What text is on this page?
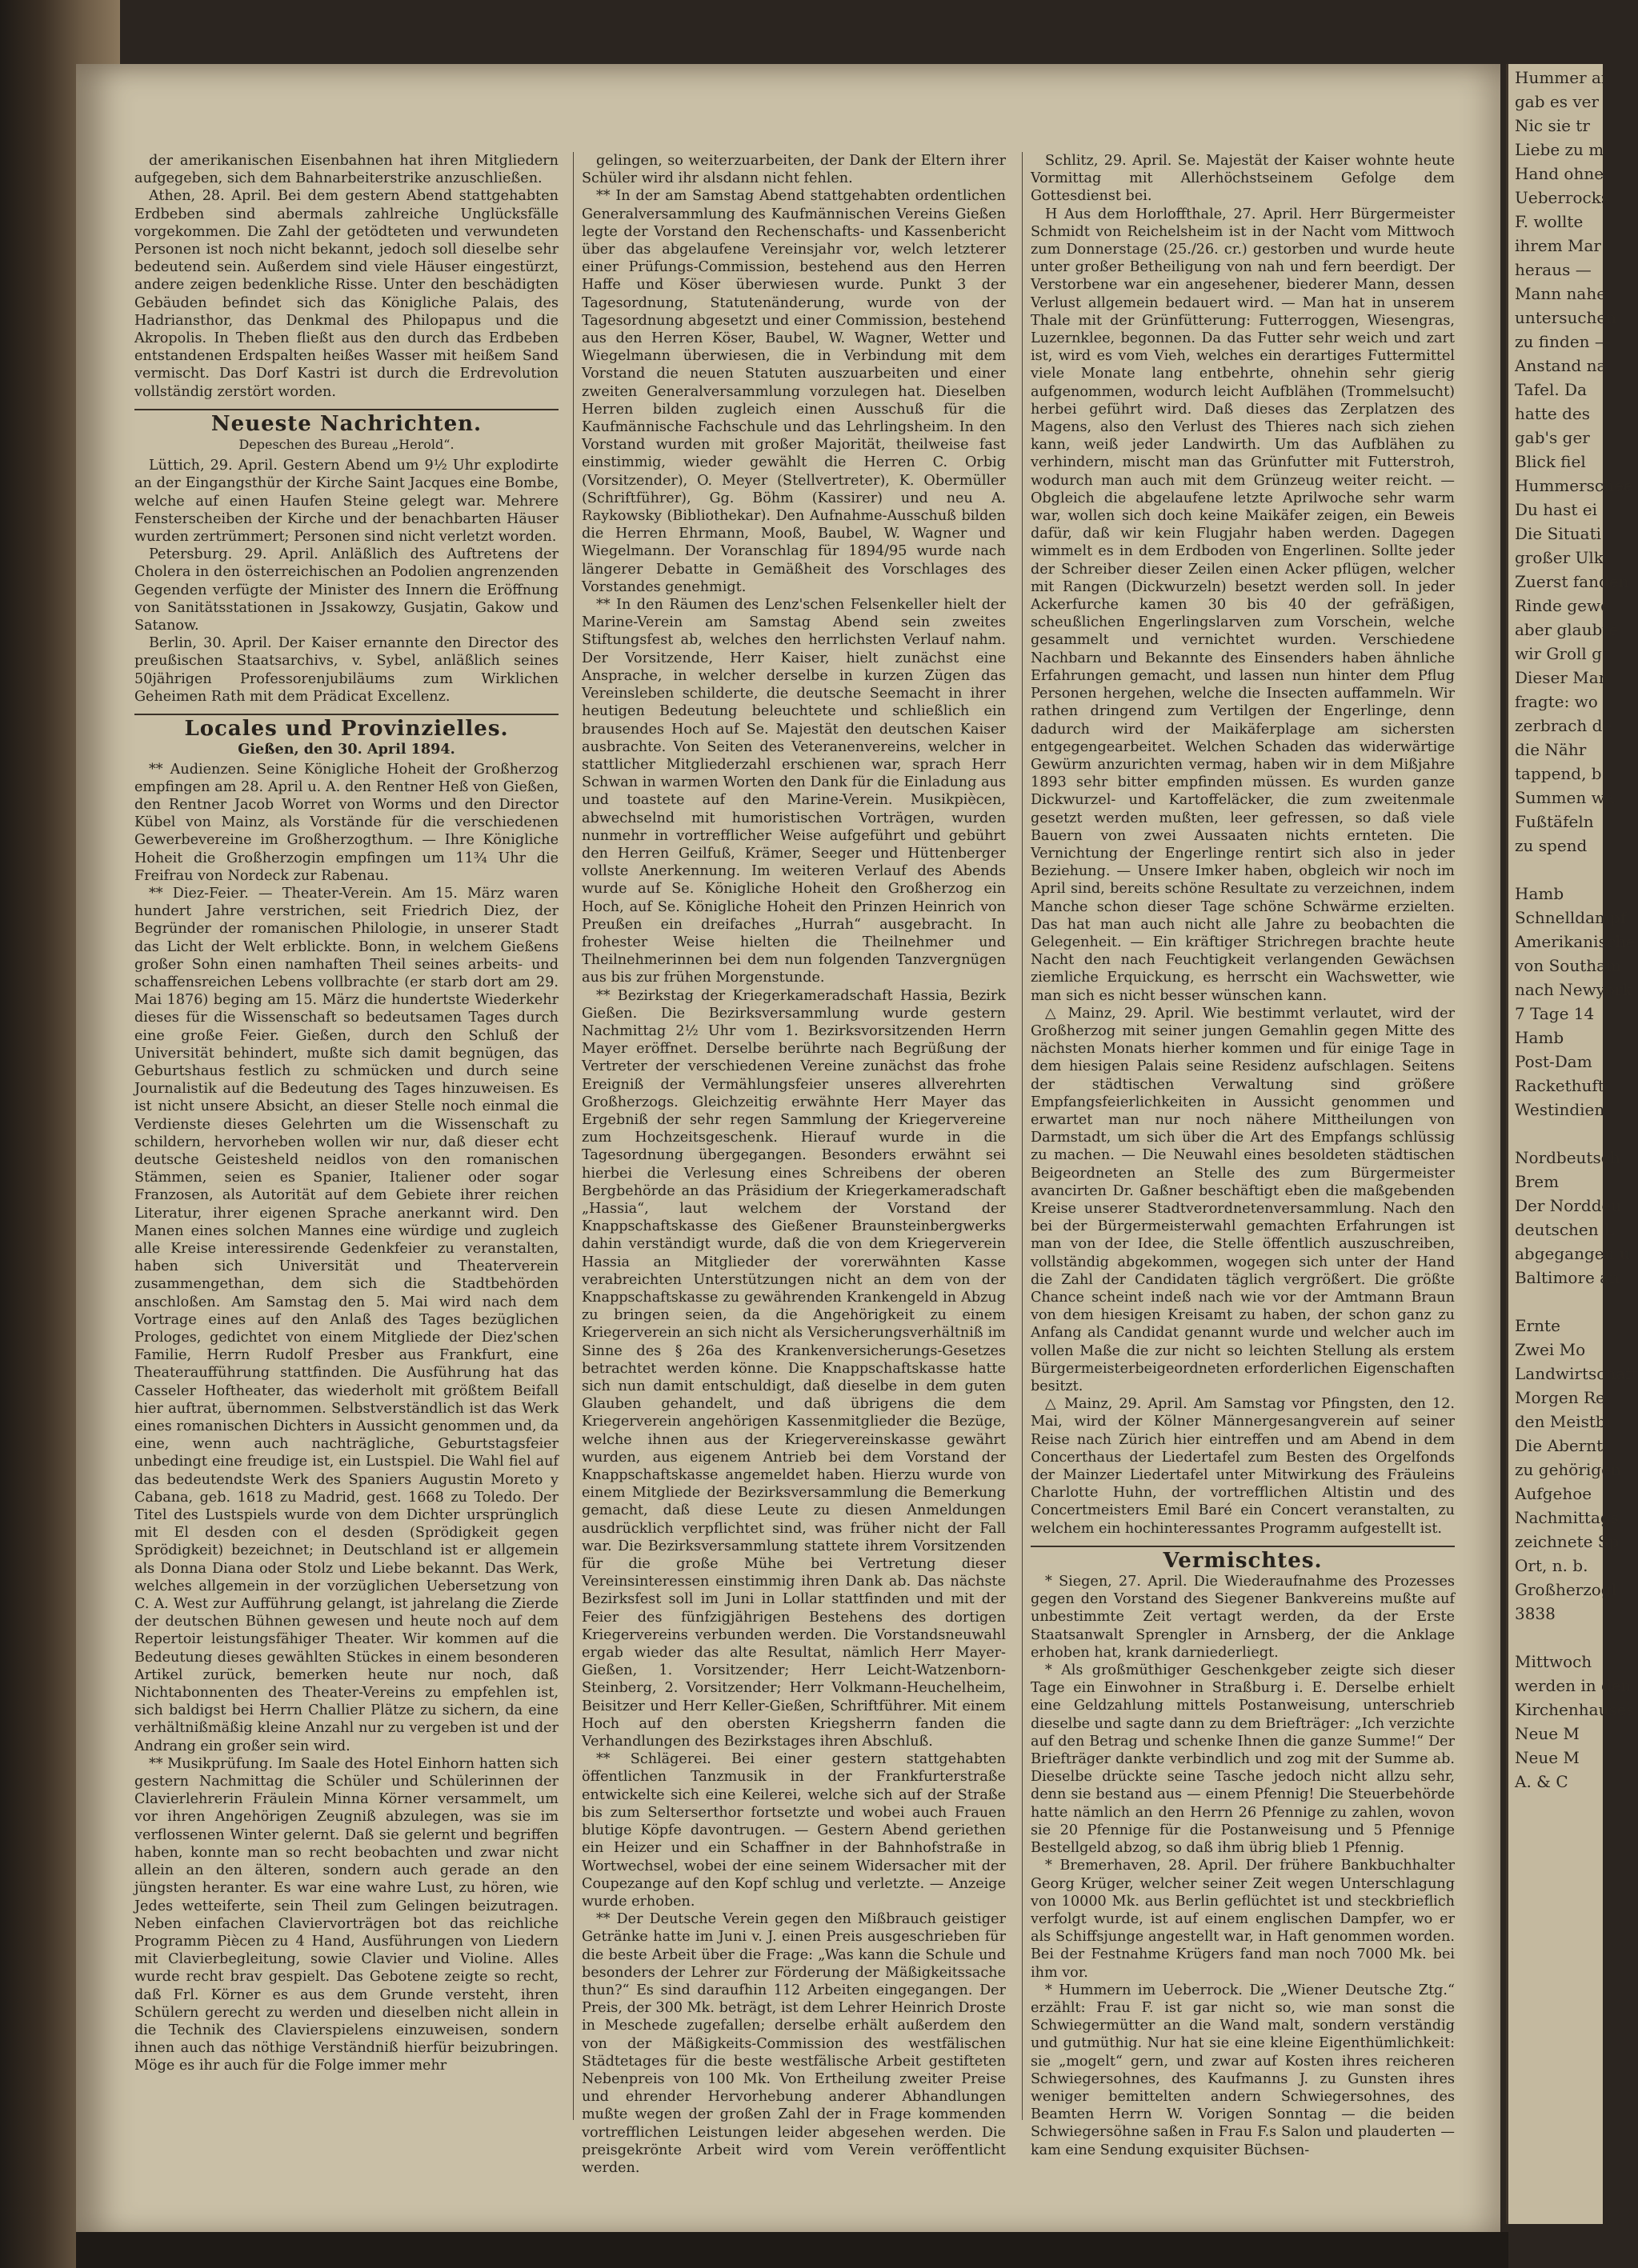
der amerikanischen Eisenbahnen hat ihren Mitgliedern aufgegeben, sich dem Bahnarbeiterstrike anzuschließen.

Athen, 28. April. Bei dem gestern Abend stattgehabten Erdbeben sind abermals zahlreiche Unglücksfälle vorgekommen. Die Zahl der getödteten und verwundeten Personen ist noch nicht bekannt, jedoch soll dieselbe sehr bedeutend sein. Außerdem sind viele Häuser eingestürzt, andere zeigen bedenkliche Risse. Unter den beschädigten Gebäuden befindet sich das Königliche Palais, des Hadriansthor, das Denkmal des Philopapus und die Akropolis. In Theben fließt aus den durch das Erdbeben entstandenen Erdspalten heißes Wasser mit heißem Sand vermischt. Das Dorf Kastri ist durch die Erdrevolution vollständig zerstört worden.

Neueste Nachrichten.
Depeschen des Bureau „Herold“.

Lüttich, 29. April. Gestern Abend um 9½ Uhr explodirte an der Eingangsthür der Kirche Saint Jacques eine Bombe, welche auf einen Haufen Steine gelegt war. Mehrere Fensterscheiben der Kirche und der benachbarten Häuser wurden zertrümmert; Personen sind nicht verletzt worden.

Petersburg. 29. April. Anläßlich des Auftretens der Cholera in den österreichischen an Podolien angrenzenden Gegenden verfügte der Minister des Innern die Eröffnung von Sanitätsstationen in Jssakowzy, Gusjatin, Gakow und Satanow.

Berlin, 30. April. Der Kaiser ernannte den Director des preußischen Staatsarchivs, v. Sybel, anläßlich seines 50jährigen Professorenjubiläums zum Wirklichen Geheimen Rath mit dem Prädicat Excellenz.

Locales und Provinzielles.
Gießen, den 30. April 1894.

** Audienzen. Seine Königliche Hoheit der Großherzog empfingen am 28. April u. A. den Rentner Heß von Gießen, den Rentner Jacob Worret von Worms und den Director Kübel von Mainz, als Vorstände für die verschiedenen Gewerbevereine im Großherzogthum. — Ihre Königliche Hoheit die Großherzogin empfingen um 11¾ Uhr die Freifrau von Nordeck zur Rabenau.

** Diez-Feier. — Theater-Verein. Am 15. März waren hundert Jahre verstrichen, seit Friedrich Diez, der Begründer der romanischen Philologie, in unserer Stadt das Licht der Welt erblickte. Bonn, in welchem Gießens großer Sohn einen namhaften Theil seines arbeits- und schaffensreichen Lebens vollbrachte (er starb dort am 29. Mai 1876) beging am 15. März die hundertste Wiederkehr dieses für die Wissenschaft so bedeutsamen Tages durch eine große Feier. Gießen, durch den Schluß der Universität behindert, mußte sich damit begnügen, das Geburtshaus festlich zu schmücken und durch seine Journalistik auf die Bedeutung des Tages hinzuweisen. Es ist nicht unsere Absicht, an dieser Stelle noch einmal die Verdienste dieses Gelehrten um die Wissenschaft zu schildern, hervorheben wollen wir nur, daß dieser echt deutsche Geistesheld neidlos von den romanischen Stämmen, seien es Spanier, Italiener oder sogar Franzosen, als Autorität auf dem Gebiete ihrer reichen Literatur, ihrer eigenen Sprache anerkannt wird. Den Manen eines solchen Mannes eine würdige und zugleich alle Kreise interessirende Gedenkfeier zu veranstalten, haben sich Universität und Theaterverein zusammengethan, dem sich die Stadtbehörden anschloßen. Am Samstag den 5. Mai wird nach dem Vortrage eines auf den Anlaß des Tages bezüglichen Prologes, gedichtet von einem Mitgliede der Diez'schen Familie, Herrn Rudolf Presber aus Frankfurt, eine Theateraufführung stattfinden. Die Ausführung hat das Casseler Hoftheater, das wiederholt mit größtem Beifall hier auftrat, übernommen. Selbstverständlich ist das Werk eines romanischen Dichters in Aussicht genommen und, da eine, wenn auch nachträgliche, Geburtstagsfeier unbedingt eine freudige ist, ein Lustspiel. Die Wahl fiel auf das bedeutendste Werk des Spaniers Augustin Moreto y Cabana, geb. 1618 zu Madrid, gest. 1668 zu Toledo. Der Titel des Lustspiels wurde von dem Dichter ursprünglich mit El desden con el desden (Sprödigkeit gegen Sprödigkeit) bezeichnet; in Deutschland ist er allgemein als Donna Diana oder Stolz und Liebe bekannt. Das Werk, welches allgemein in der vorzüglichen Uebersetzung von C. A. West zur Aufführung gelangt, ist jahrelang die Zierde der deutschen Bühnen gewesen und heute noch auf dem Repertoir leistungsfähiger Theater. Wir kommen auf die Bedeutung dieses gewählten Stückes in einem besonderen Artikel zurück, bemerken heute nur noch, daß Nichtabonnenten des Theater-Vereins zu empfehlen ist, sich baldigst bei Herrn Challier Plätze zu sichern, da eine verhältnißmäßig kleine Anzahl nur zu vergeben ist und der Andrang ein großer sein wird.

** Musikprüfung. Im Saale des Hotel Einhorn hatten sich gestern Nachmittag die Schüler und Schülerinnen der Clavierlehrerin Fräulein Minna Körner versammelt, um vor ihren Angehörigen Zeugniß abzulegen, was sie im verflossenen Winter gelernt. Daß sie gelernt und begriffen haben, konnte man so recht beobachten und zwar nicht allein an den älteren, sondern auch gerade an den jüngsten heranter. Es war eine wahre Lust, zu hören, wie Jedes wetteiferte, sein Theil zum Gelingen beizutragen. Neben einfachen Claviervorträgen bot das reichliche Programm Piècen zu 4 Hand, Ausführungen von Liedern mit Clavierbegleitung, sowie Clavier und Violine. Alles wurde recht brav gespielt. Das Gebotene zeigte so recht, daß Frl. Körner es aus dem Grunde versteht, ihren Schülern gerecht zu werden und dieselben nicht allein in die Technik des Clavierspielens einzuweisen, sondern ihnen auch das nöthige Verständniß hierfür beizubringen. Möge es ihr auch für die Folge immer mehr

gelingen, so weiterzuarbeiten, der Dank der Eltern ihrer Schüler wird ihr alsdann nicht fehlen.

** In der am Samstag Abend stattgehabten ordentlichen Generalversammlung des Kaufmännischen Vereins Gießen legte der Vorstand den Rechenschafts- und Kassenbericht über das abgelaufene Vereinsjahr vor, welch letzterer einer Prüfungs-Commission, bestehend aus den Herren Haffe und Köser überwiesen wurde. Punkt 3 der Tagesordnung, Statutenänderung, wurde von der Tagesordnung abgesetzt und einer Commission, bestehend aus den Herren Köser, Baubel, W. Wagner, Wetter und Wiegelmann überwiesen, die in Verbindung mit dem Vorstand die neuen Statuten auszuarbeiten und einer zweiten Generalversammlung vorzulegen hat. Dieselben Herren bilden zugleich einen Ausschuß für die Kaufmännische Fachschule und das Lehrlingsheim. In den Vorstand wurden mit großer Majorität, theilweise fast einstimmig, wieder gewählt die Herren C. Orbig (Vorsitzender), O. Meyer (Stellvertreter), K. Obermüller (Schriftführer), Gg. Böhm (Kassirer) und neu A. Raykowsky (Bibliothekar). Den Aufnahme-Ausschuß bilden die Herren Ehrmann, Mooß, Baubel, W. Wagner und Wiegelmann. Der Voranschlag für 1894/95 wurde nach längerer Debatte in Gemäßheit des Vorschlages des Vorstandes genehmigt.

** In den Räumen des Lenz'schen Felsenkeller hielt der Marine-Verein am Samstag Abend sein zweites Stiftungsfest ab, welches den herrlichsten Verlauf nahm. Der Vorsitzende, Herr Kaiser, hielt zunächst eine Ansprache, in welcher derselbe in kurzen Zügen das Vereinsleben schilderte, die deutsche Seemacht in ihrer heutigen Bedeutung beleuchtete und schließlich ein brausendes Hoch auf Se. Majestät den deutschen Kaiser ausbrachte. Von Seiten des Veteranenvereins, welcher in stattlicher Mitgliederzahl erschienen war, sprach Herr Schwan in warmen Worten den Dank für die Einladung aus und toastete auf den Marine-Verein. Musikpiècen, abwechselnd mit humoristischen Vorträgen, wurden nunmehr in vortrefflicher Weise aufgeführt und gebührt den Herren Geilfuß, Krämer, Seeger und Hüttenberger vollste Anerkennung. Im weiteren Verlauf des Abends wurde auf Se. Königliche Hoheit den Großherzog ein Hoch, auf Se. Königliche Hoheit den Prinzen Heinrich von Preußen ein dreifaches „Hurrah“ ausgebracht. In frohester Weise hielten die Theilnehmer und Theilnehmerinnen bei dem nun folgenden Tanzvergnügen aus bis zur frühen Morgenstunde.

** Bezirkstag der Kriegerkameradschaft Hassia, Bezirk Gießen. Die Bezirksversammlung wurde gestern Nachmittag 2½ Uhr vom 1. Bezirksvorsitzenden Herrn Mayer eröffnet. Derselbe berührte nach Begrüßung der Vertreter der verschiedenen Vereine zunächst das frohe Ereigniß der Vermählungsfeier unseres allverehrten Großherzogs. Gleichzeitig erwähnte Herr Mayer das Ergebniß der sehr regen Sammlung der Kriegervereine zum Hochzeitsgeschenk. Hierauf wurde in die Tagesordnung übergegangen. Besonders erwähnt sei hierbei die Verlesung eines Schreibens der oberen Bergbehörde an das Präsidium der Kriegerkameradschaft „Hassia“, laut welchem der Vorstand der Knappschaftskasse des Gießener Braunsteinbergwerks dahin verständigt wurde, daß die von dem Kriegerverein Hassia an Mitglieder der vorerwähnten Kasse verabreichten Unterstützungen nicht an dem von der Knappschaftskasse zu gewährenden Krankengeld in Abzug zu bringen seien, da die Angehörigkeit zu einem Kriegerverein an sich nicht als Versicherungsverhältniß im Sinne des § 26a des Krankenversicherungs-Gesetzes betrachtet werden könne. Die Knappschaftskasse hatte sich nun damit entschuldigt, daß dieselbe in dem guten Glauben gehandelt, und daß übrigens die dem Kriegerverein angehörigen Kassenmitglieder die Bezüge, welche ihnen aus der Kriegervereinskasse gewährt wurden, aus eigenem Antrieb bei dem Vorstand der Knappschaftskasse angemeldet haben. Hierzu wurde von einem Mitgliede der Bezirksversammlung die Bemerkung gemacht, daß diese Leute zu diesen Anmeldungen ausdrücklich verpflichtet sind, was früher nicht der Fall war. Die Bezirksversammlung stattete ihrem Vorsitzenden für die große Mühe bei Vertretung dieser Vereinsinteressen einstimmig ihren Dank ab. Das nächste Bezirksfest soll im Juni in Lollar stattfinden und mit der Feier des fünfzigjährigen Bestehens des dortigen Kriegervereins verbunden werden. Die Vorstandsneuwahl ergab wieder das alte Resultat, nämlich Herr Mayer-Gießen, 1. Vorsitzender; Herr Leicht-Watzenborn-Steinberg, 2. Vorsitzender; Herr Volkmann-Heuchelheim, Beisitzer und Herr Keller-Gießen, Schriftführer. Mit einem Hoch auf den obersten Kriegsherrn fanden die Verhandlungen des Bezirkstages ihren Abschluß.

** Schlägerei. Bei einer gestern stattgehabten öffentlichen Tanzmusik in der Frankfurterstraße entwickelte sich eine Keilerei, welche sich auf der Straße bis zum Selterserthor fortsetzte und wobei auch Frauen blutige Köpfe davontrugen. — Gestern Abend geriethen ein Heizer und ein Schaffner in der Bahnhofstraße in Wortwechsel, wobei der eine seinem Widersacher mit der Coupezange auf den Kopf schlug und verletzte. — Anzeige wurde erhoben.

** Der Deutsche Verein gegen den Mißbrauch geistiger Getränke hatte im Juni v. J. einen Preis ausgeschrieben für die beste Arbeit über die Frage: „Was kann die Schule und besonders der Lehrer zur Förderung der Mäßigkeitssache thun?“ Es sind daraufhin 112 Arbeiten eingegangen. Der Preis, der 300 Mk. beträgt, ist dem Lehrer Heinrich Droste in Meschede zugefallen; derselbe erhält außerdem den von der Mäßigkeits-Commission des westfälischen Städtetages für die beste westfälische Arbeit gestifteten Nebenpreis von 100 Mk. Von Ertheilung zweiter Preise und ehrender Hervorhebung anderer Abhandlungen mußte wegen der großen Zahl der in Frage kommenden vortrefflichen Leistungen leider abgesehen werden. Die preisgekrönte Arbeit wird vom Verein veröffentlicht werden.

Schlitz, 29. April. Se. Majestät der Kaiser wohnte heute Vormittag mit Allerhöchstseinem Gefolge dem Gottesdienst bei.

H Aus dem Horloffthale, 27. April. Herr Bürgermeister Schmidt von Reichelsheim ist in der Nacht vom Mittwoch zum Donnerstage (25./26. cr.) gestorben und wurde heute unter großer Betheiligung von nah und fern beerdigt. Der Verstorbene war ein angesehener, biederer Mann, dessen Verlust allgemein bedauert wird. — Man hat in unserem Thale mit der Grünfütterung: Futterroggen, Wiesengras, Luzernklee, begonnen. Da das Futter sehr weich und zart ist, wird es vom Vieh, welches ein derartiges Futtermittel viele Monate lang entbehrte, ohnehin sehr gierig aufgenommen, wodurch leicht Aufblähen (Trommelsucht) herbei geführt wird. Daß dieses das Zerplatzen des Magens, also den Verlust des Thieres nach sich ziehen kann, weiß jeder Landwirth. Um das Aufblähen zu verhindern, mischt man das Grünfutter mit Futterstroh, wodurch man auch mit dem Grünzeug weiter reicht. — Obgleich die abgelaufene letzte Aprilwoche sehr warm war, wollen sich doch keine Maikäfer zeigen, ein Beweis dafür, daß wir kein Flugjahr haben werden. Dagegen wimmelt es in dem Erdboden von Engerlinen. Sollte jeder der Schreiber dieser Zeilen einen Acker pflügen, welcher mit Rangen (Dickwurzeln) besetzt werden soll. In jeder Ackerfurche kamen 30 bis 40 der gefräßigen, scheußlichen Engerlingslarven zum Vorschein, welche gesammelt und vernichtet wurden. Verschiedene Nachbarn und Bekannte des Einsenders haben ähnliche Erfahrungen gemacht, und lassen nun hinter dem Pflug Personen hergehen, welche die Insecten auffammeln. Wir rathen dringend zum Vertilgen der Engerlinge, denn dadurch wird der Maikäferplage am sichersten entgegengearbeitet. Welchen Schaden das widerwärtige Gewürm anzurichten vermag, haben wir in dem Mißjahre 1893 sehr bitter empfinden müssen. Es wurden ganze Dickwurzel- und Kartoffeläcker, die zum zweitenmale gesetzt werden mußten, leer gefressen, so daß viele Bauern von zwei Aussaaten nichts ernteten. Die Vernichtung der Engerlinge rentirt sich also in jeder Beziehung. — Unsere Imker haben, obgleich wir noch im April sind, bereits schöne Resultate zu verzeichnen, indem Manche schon dieser Tage schöne Schwärme erzielten. Das hat man auch nicht alle Jahre zu beobachten die Gelegenheit. — Ein kräftiger Strichregen brachte heute Nacht den nach Feuchtigkeit verlangenden Gewächsen ziemliche Erquickung, es herrscht ein Wachswetter, wie man sich es nicht besser wünschen kann.

△ Mainz, 29. April. Wie bestimmt verlautet, wird der Großherzog mit seiner jungen Gemahlin gegen Mitte des nächsten Monats hierher kommen und für einige Tage in dem hiesigen Palais seine Residenz aufschlagen. Seitens der städtischen Verwaltung sind größere Empfangsfeierlichkeiten in Aussicht genommen und erwartet man nur noch nähere Mittheilungen von Darmstadt, um sich über die Art des Empfangs schlüssig zu machen. — Die Neuwahl eines besoldeten städtischen Beigeordneten an Stelle des zum Bürgermeister avancirten Dr. Gaßner beschäftigt eben die maßgebenden Kreise unserer Stadtverordnetenversammlung. Nach den bei der Bürgermeisterwahl gemachten Erfahrungen ist man von der Idee, die Stelle öffentlich auszuschreiben, vollständig abgekommen, wogegen sich unter der Hand die Zahl der Candidaten täglich vergrößert. Die größte Chance scheint indeß nach wie vor der Amtmann Braun von dem hiesigen Kreisamt zu haben, der schon ganz zu Anfang als Candidat genannt wurde und welcher auch im vollen Maße die zur nicht so leichten Stellung als erstem Bürgermeisterbeigeordneten erforderlichen Eigenschaften besitzt.

△ Mainz, 29. April. Am Samstag vor Pfingsten, den 12. Mai, wird der Kölner Männergesangverein auf seiner Reise nach Zürich hier eintreffen und am Abend in dem Concerthaus der Liedertafel zum Besten des Orgelfonds der Mainzer Liedertafel unter Mitwirkung des Fräuleins Charlotte Huhn, der vortrefflichen Altistin und des Concertmeisters Emil Baré ein Concert veranstalten, zu welchem ein hochinteressantes Programm aufgestellt ist.

Vermischtes.

* Siegen, 27. April. Die Wiederaufnahme des Prozesses gegen den Vorstand des Siegener Bankvereins mußte auf unbestimmte Zeit vertagt werden, da der Erste Staatsanwalt Sprengler in Arnsberg, der die Anklage erhoben hat, krank darniederliegt.

* Als großmüthiger Geschenkgeber zeigte sich dieser Tage ein Einwohner in Straßburg i. E. Derselbe erhielt eine Geldzahlung mittels Postanweisung, unterschrieb dieselbe und sagte dann zu dem Briefträger: „Ich verzichte auf den Betrag und schenke Ihnen die ganze Summe!“ Der Briefträger dankte verbindlich und zog mit der Summe ab. Dieselbe drückte seine Tasche jedoch nicht allzu sehr, denn sie bestand aus — einem Pfennig! Die Steuerbehörde hatte nämlich an den Herrn 26 Pfennige zu zahlen, wovon sie 20 Pfennige für die Postanweisung und 5 Pfennige Bestellgeld abzog, so daß ihm übrig blieb 1 Pfennig.

* Bremerhaven, 28. April. Der frühere Bankbuchhalter Georg Krüger, welcher seiner Zeit wegen Unterschlagung von 10000 Mk. aus Berlin geflüchtet ist und steckbrieflich verfolgt wurde, ist auf einem englischen Dampfer, wo er als Schiffsjunge angestellt war, in Haft genommen worden. Bei der Festnahme Krügers fand man noch 7000 Mk. bei ihm vor.

* Hummern im Ueberrock. Die „Wiener Deutsche Ztg.“ erzählt: Frau F. ist gar nicht so, wie man sonst die Schwiegermütter an die Wand malt, sondern verständig und gutmüthig. Nur hat sie eine kleine Eigenthümlichkeit: sie „mogelt“ gern, und zwar auf Kosten ihres reicheren Schwiegersohnes, des Kaufmanns J. zu Gunsten ihres weniger bemittelten andern Schwiegersohnes, des Beamten Herrn W. Vorigen Sonntag — die beiden Schwiegersöhne saßen in Frau F.s Salon und plauderten — kam eine Sendung exquisiter Büchsen-

Hummer ar
gab es ver
Nic sie tr
Liebe zu m
Hand ohne
Ueberrocks
F. wollte
ihrem Mar
heraus —
Mann nahe
untersuchen
zu finden —
Anstand na
Tafel. Da
hatte des
gab's ger
Blick fiel
Hummerschee
Du hast ei
Die Situati
großer Ulk.
Zuerst fanden
Rinde gewe
aber glaubte
wir Groll g
Dieser Mar
fragte: wo
zerbrach de
die Nähr
tappend, b
Summen wa
Fußtäfeln
zu spend

Hamb
Schnelldampf
Amerikanische
von Southam
nach Newyork
7 Tage 14
Hamb
Post-Dam
Rackethuft-
Westindien

Nordbeutsch
Brem
Der Norddeu
deutschen L
abgegangen u
Baltimore an

Ernte
Zwei Mo
Landwirtschaft
Morgen Re
den Meistbi
Die Abernt
zu gehörigen
Aufgehoe
Nachmittags
zeichnete Sp
Ort, n. b.
Großherzogl
3838

Mittwoch
werden in den
Kirchenhauses
Neue M
Neue M
A. & C
